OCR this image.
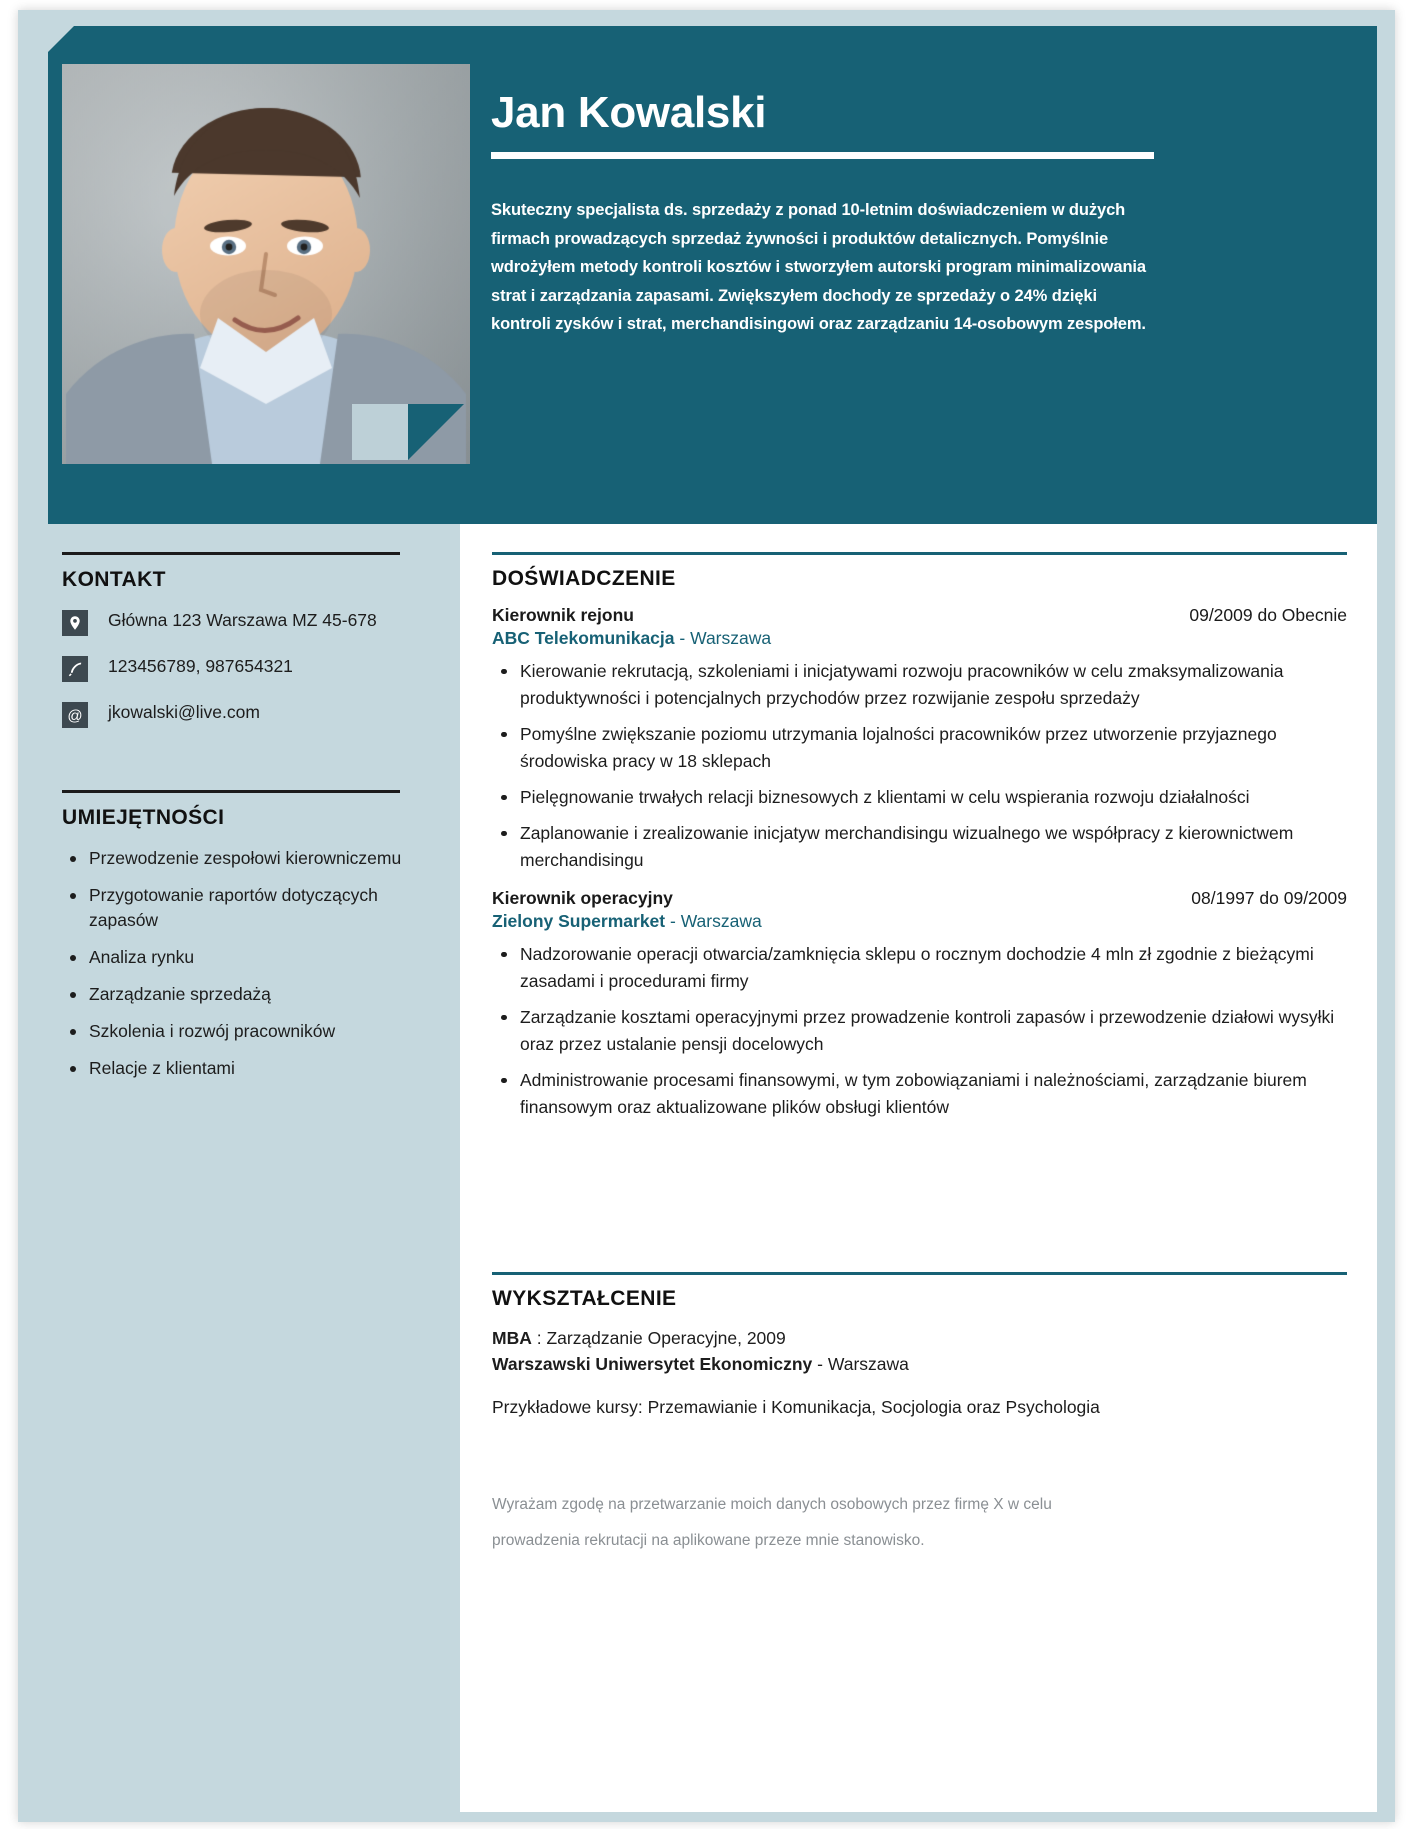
Jan Kowalski
Skuteczny specjalista ds. sprzedaży z ponad 10-letnim doświadczeniem w dużych firmach prowadzących sprzedaż żywności i produktów detalicznych. Pomyślnie wdrożyłem metody kontroli kosztów i stworzyłem autorski program minimalizowania strat i zarządzania zapasami. Zwiększyłem dochody ze sprzedaży o 24% dzięki kontroli zysków i strat, merchandisingowi oraz zarządzaniu 14-osobowym zespołem.
KONTAKT
Główna 123 Warszawa MZ 45-678
123456789, 987654321
@ jkowalski@live.com
UMIEJĘTNOŚCI
Przewodzenie zespołowi kierowniczemu
Przygotowanie raportów dotyczących zapasów
Analiza rynku
Zarządzanie sprzedażą
Szkolenia i rozwój pracowników
Relacje z klientami
DOŚWIADCZENIE
Kierownik rejonu	09/2009 do Obecnie
ABC Telekomunikacja - Warszawa
Kierowanie rekrutacją, szkoleniami i inicjatywami rozwoju pracowników w celu zmaksymalizowania produktywności i potencjalnych przychodów przez rozwijanie zespołu sprzedaży
Pomyślne zwiększanie poziomu utrzymania lojalności pracowników przez utworzenie przyjaznego środowiska pracy w 18 sklepach
Pielęgnowanie trwałych relacji biznesowych z klientami w celu wspierania rozwoju działalności
Zaplanowanie i zrealizowanie inicjatyw merchandisingu wizualnego we współpracy z kierownictwem merchandisingu
Kierownik operacyjny	08/1997 do 09/2009
Zielony Supermarket - Warszawa
Nadzorowanie operacji otwarcia/zamknięcia sklepu o rocznym dochodzie 4 mln zł zgodnie z bieżącymi zasadami i procedurami firmy
Zarządzanie kosztami operacyjnymi przez prowadzenie kontroli zapasów i przewodzenie działowi wysyłki oraz przez ustalanie pensji docelowych
Administrowanie procesami finansowymi, w tym zobowiązaniami i należnościami, zarządzanie biurem finansowym oraz aktualizowane plików obsługi klientów
WYKSZTAŁCENIE
MBA : Zarządzanie Operacyjne, 2009
Warszawski Uniwersytet Ekonomiczny - Warszawa
Przykładowe kursy: Przemawianie i Komunikacja, Socjologia oraz Psychologia
Wyrażam zgodę na przetwarzanie moich danych osobowych przez firmę X w celu
prowadzenia rekrutacji na aplikowane przeze mnie stanowisko.
